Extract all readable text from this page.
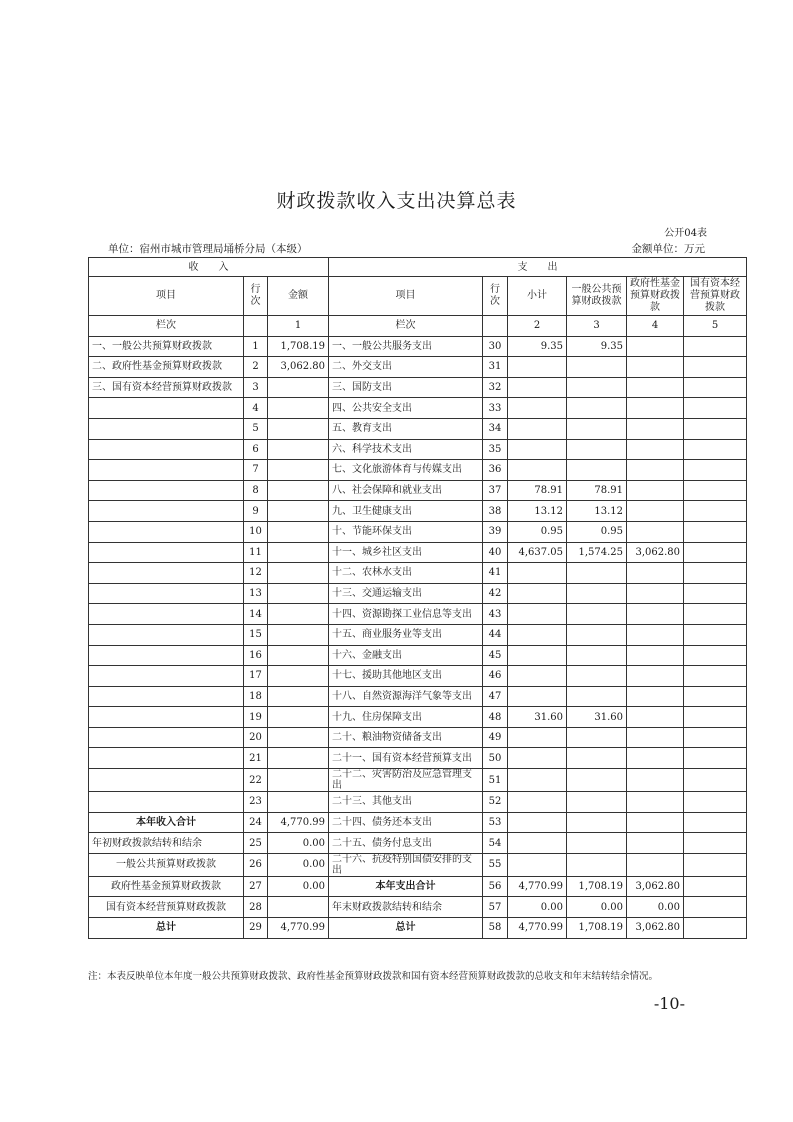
财政拨款收入支出决算总表
公开04表
单位：宿州市城市管理局埇桥分局（本级）	金额单位：万元
收　　入			支　　出					
项目	行次	金额	项目	行次	小计	一般公共预算财政拨款	政府性基金预算财政拨款	国有资本经营预算财政拨款
栏次		1	栏次		2	3	4	5
一、一般公共预算财政拨款	1	1,708.19	一、一般公共服务支出	30	9.35	9.35		
二、政府性基金预算财政拨款	2	3,062.80	二、外交支出	31				
三、国有资本经营预算财政拨款	3		三、国防支出	32				
	4		四、公共安全支出	33				
	5		五、教育支出	34				
	6		六、科学技术支出	35				
	7		七、文化旅游体育与传媒支出	36				
	8		八、社会保障和就业支出	37	78.91	78.91		
	9		九、卫生健康支出	38	13.12	13.12		
	10		十、节能环保支出	39	0.95	0.95		
	11		十一、城乡社区支出	40	4,637.05	1,574.25	3,062.80	
	12		十二、农林水支出	41				
	13		十三、交通运输支出	42				
	14		十四、资源勘探工业信息等支出	43				
	15		十五、商业服务业等支出	44				
	16		十六、金融支出	45				
	17		十七、援助其他地区支出	46				
	18		十八、自然资源海洋气象等支出	47				
	19		十九、住房保障支出	48	31.60	31.60		
	20		二十、粮油物资储备支出	49				
	21		二十一、国有资本经营预算支出	50				
	22		二十二、灾害防治及应急管理支出	51				
	23		二十三、其他支出	52				
本年收入合计	24	4,770.99	二十四、债务还本支出	53				
年初财政拨款结转和结余	25	0.00	二十五、债务付息支出	54				
一般公共预算财政拨款	26	0.00	二十六、抗疫特别国债安排的支出	55				
政府性基金预算财政拨款	27	0.00	本年支出合计	56	4,770.99	1,708.19	3,062.80	
国有资本经营预算财政拨款	28		年末财政拨款结转和结余	57	0.00	0.00	0.00	
总计	29	4,770.99	总计	58	4,770.99	1,708.19	3,062.80	
注：本表反映单位本年度一般公共预算财政拨款、政府性基金预算财政拨款和国有资本经营预算财政拨款的总收支和年末结转结余情况。
-10-
